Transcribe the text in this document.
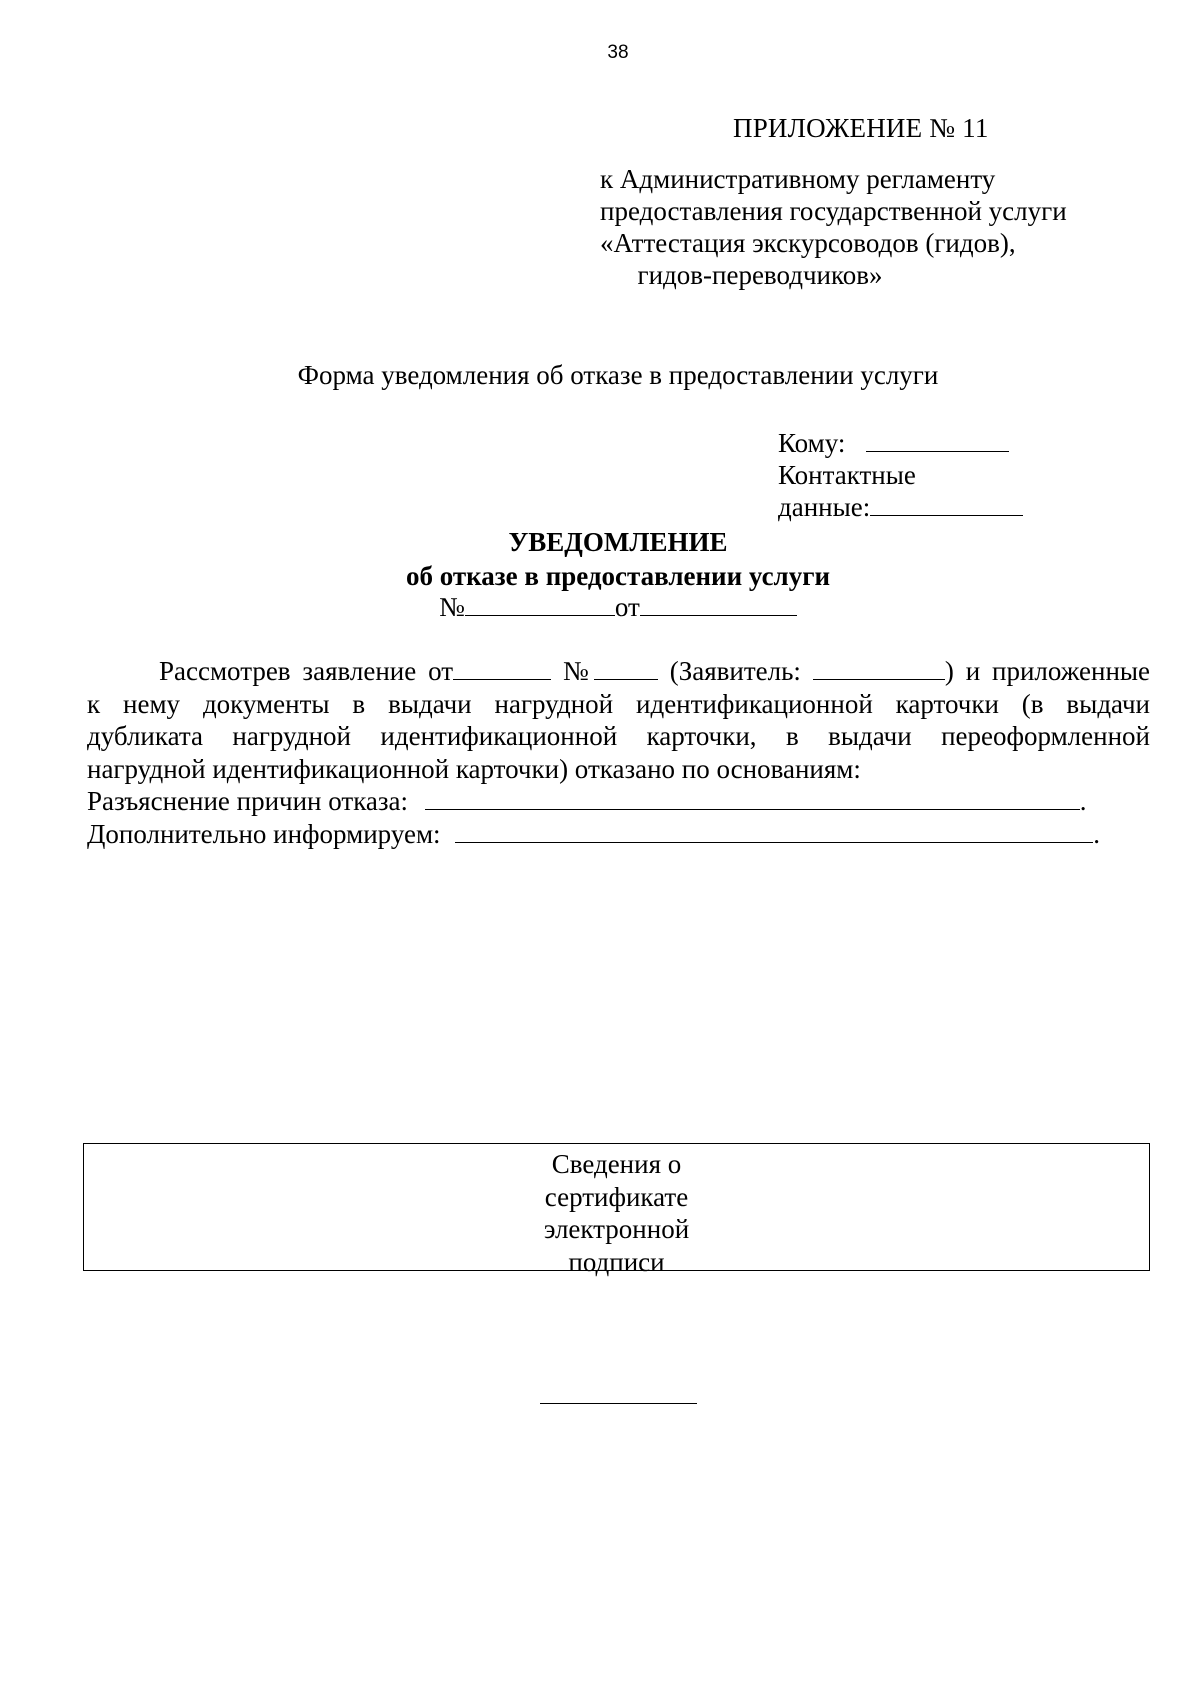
38
ПРИЛОЖЕНИЕ № 11
к Административному регламенту
предоставления государственной услуги
«Аттестация экскурсоводов (гидов),
гидов-переводчиков»
Форма уведомления об отказе в предоставлении услуги
Кому:
Контактные
данные:
УВЕДОМЛЕНИЕ
об отказе в предоставлении услуги
№	от
Рассмотрев заявление от	№	(Заявитель:	) и приложенные
к нему документы в выдачи нагрудной идентификационной карточки (в выдачи
дубликата нагрудной идентификационной карточки, в выдачи переоформленной
нагрудной идентификационной карточки) отказано по основаниям:
Разъяснение причин отказа:	.
Дополнительно информируем:	.
Сведения о
сертификате
электронной
подписи
